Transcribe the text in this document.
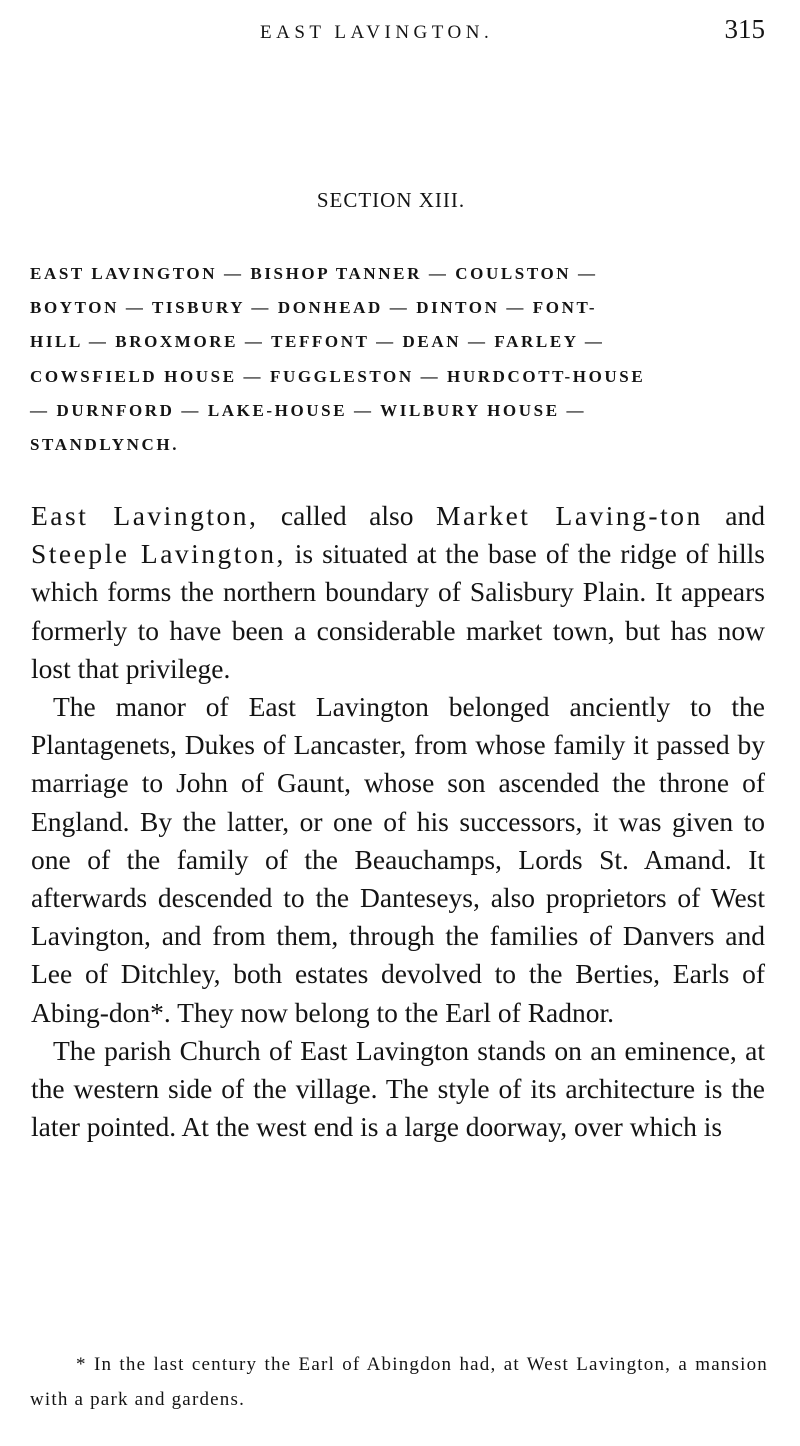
EAST LAVINGTON.	315
SECTION XIII.
EAST LAVINGTON — BISHOP TANNER — COULSTON —
BOYTON — TISBURY — DONHEAD — DINTON — FONT-
HILL — BROXMORE — TEFFONT — DEAN — FARLEY —
COWSFIELD HOUSE — FUGGLESTON — HURDCOTT-HOUSE
— DURNFORD — LAKE-HOUSE — WILBURY HOUSE —
STANDLYNCH.

East Lavington, called also Market Laving-ton and Steeple Lavington, is situated at the base of the ridge of hills which forms the northern boundary of Salisbury Plain. It appears formerly to have been a considerable market town, but has now lost that privilege.

The manor of East Lavington belonged anciently to the Plantagenets, Dukes of Lancaster, from whose family it passed by marriage to John of Gaunt, whose son ascended the throne of England. By the latter, or one of his successors, it was given to one of the family of the Beauchamps, Lords St. Amand. It afterwards descended to the Danteseys, also proprietors of West Lavington, and from them, through the families of Danvers and Lee of Ditchley, both estates devolved to the Berties, Earls of Abing-don*. They now belong to the Earl of Radnor.

The parish Church of East Lavington stands on an eminence, at the western side of the village. The style of its architecture is the later pointed. At the west end is a large doorway, over which is

* In the last century the Earl of Abingdon had, at West Lavington, a mansion with a park and gardens.
